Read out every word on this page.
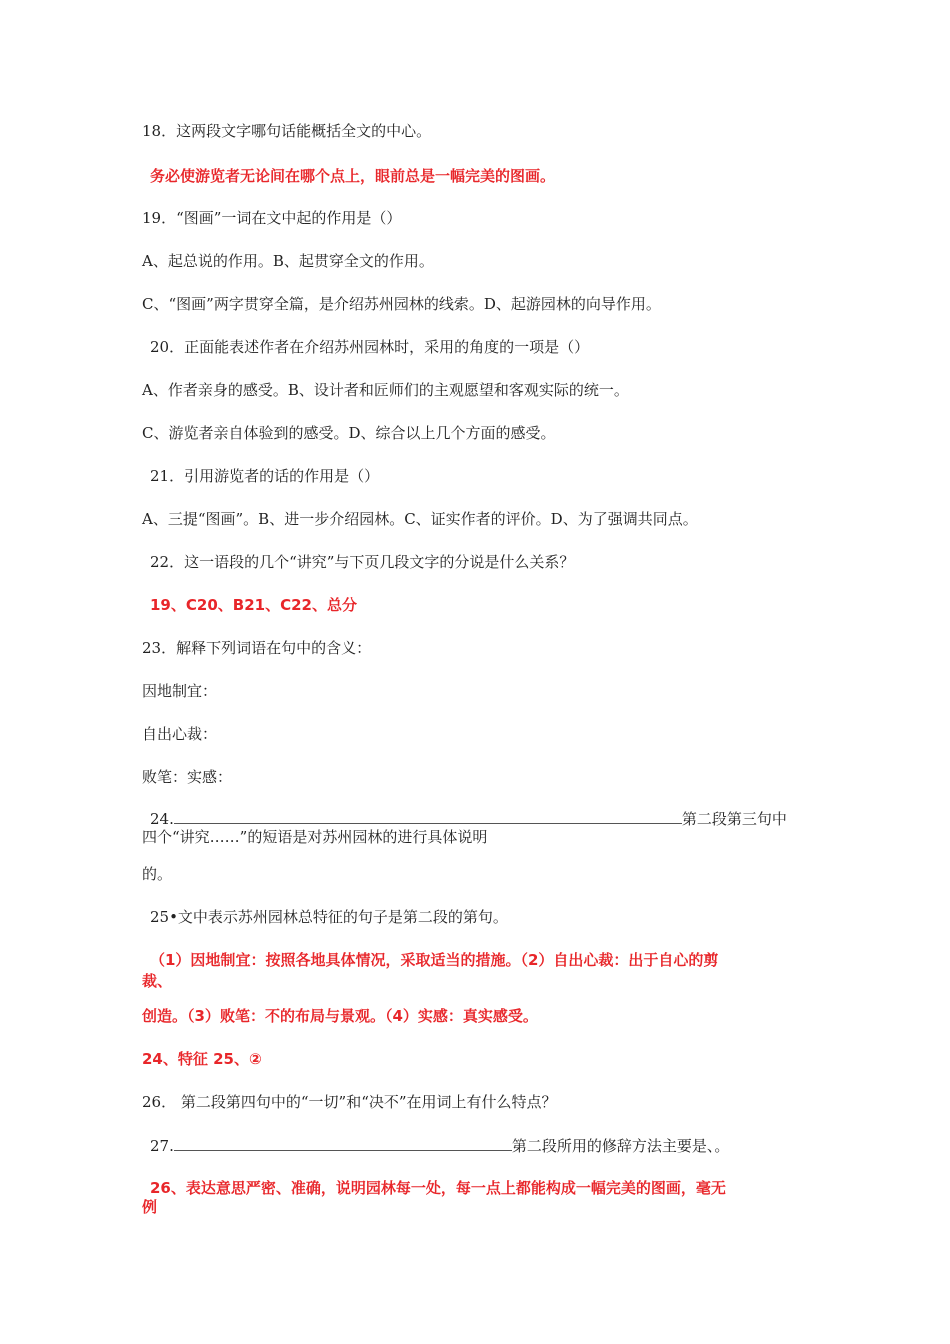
18．这两段文字哪句话能概括全文的中心。
务必使游览者无论间在哪个点上，眼前总是一幅完美的图画。
19．“图画”一词在文中起的作用是（）
A、起总说的作用。B、起贯穿全文的作用。
C、“图画”两字贯穿全篇，是介绍苏州园林的线索。D、起游园林的向导作用。
20．正面能表述作者在介绍苏州园林时，采用的角度的一项是（）
A、作者亲身的感受。B、设计者和匠师们的主观愿望和客观实际的统一。
C、游览者亲自体验到的感受。D、综合以上几个方面的感受。
21．引用游览者的话的作用是（）
A、三提“图画”。B、进一步介绍园林。C、证实作者的评价。D、为了强调共同点。
22．这一语段的几个“讲究”与下页几段文字的分说是什么关系？
19、C20、B21、C22、总分
23．解释下列词语在句中的含义：
因地制宜：
自出心裁：
败笔：实感：
24.	第二段第三句中
四个“讲究……”的短语是对苏州园林的进行具体说明
的。
25•文中表示苏州园林总特征的句子是第二段的第句。
（1）因地制宜：按照各地具体情况，采取适当的措施。（2）自出心裁：出于自心的剪
裁、
创造。（3）败笔：不的布局与景观。（4）实感：真实感受。
24、特征 25、②
26． 第二段第四句中的“一切”和“决不”在用词上有什么特点？
27.	第二段所用的修辞方法主要是、。
26、表达意思严密、准确，说明园林每一处，每一点上都能构成一幅完美的图画，毫无
例
